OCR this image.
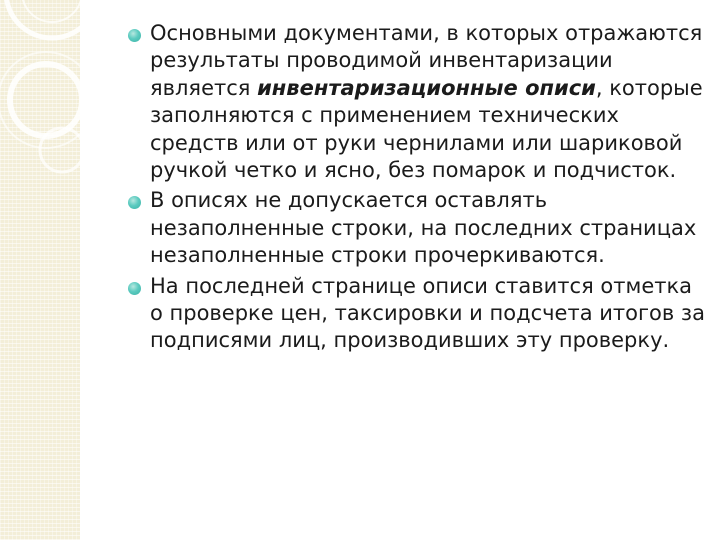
Основными документами, в которых отражаются результаты проводимой инвентаризации является инвентаризационные описи, которые заполняются с применением технических средств или от руки чернилами или шариковой ручкой четко и ясно, без помарок и подчисток.
В описях не допускается оставлять незаполненные строки, на последних страницах незаполненные строки прочеркиваются.
На последней странице описи ставится отметка о проверке цен, таксировки и подсчета итогов за подписями лиц, производивших эту проверку.
